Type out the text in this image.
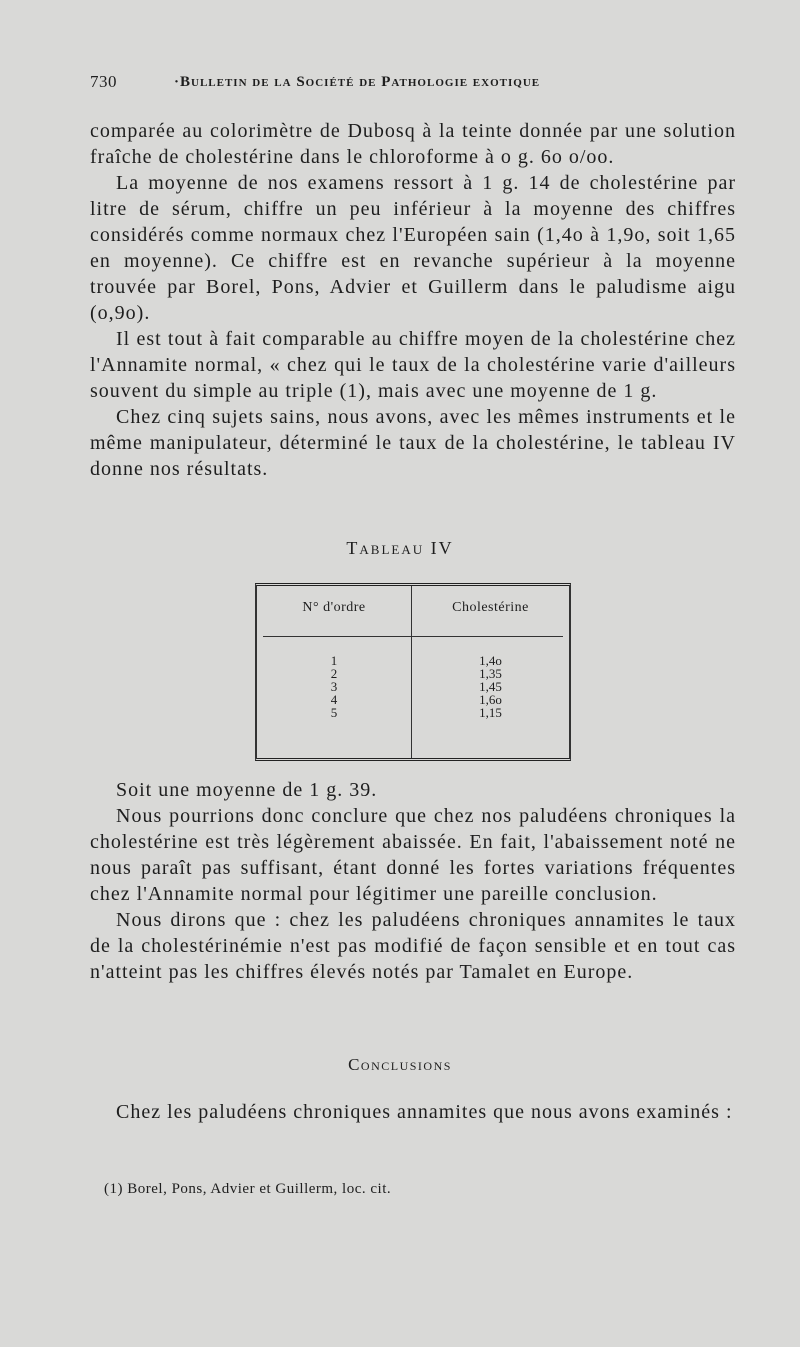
730	·Bulletin de la Société de Pathologie exotique

comparée au colorimètre de Dubosq à la teinte donnée par une solution fraîche de cholestérine dans le chloroforme à o g. 6o o/oo.

La moyenne de nos examens ressort à 1 g. 14 de cholestérine par litre de sérum, chiffre un peu inférieur à la moyenne des chiffres considérés comme normaux chez l'Européen sain (1,4o à 1,9o, soit 1,65 en moyenne). Ce chiffre est en revanche supérieur à la moyenne trouvée par Borel, Pons, Advier et Guillerm dans le paludisme aigu (o,9o).

Il est tout à fait comparable au chiffre moyen de la cholestérine chez l'Annamite normal, « chez qui le taux de la cholestérine varie d'ailleurs souvent du simple au triple (1), mais avec une moyenne de 1 g.

Chez cinq sujets sains, nous avons, avec les mêmes instruments et le même manipulateur, déterminé le taux de la cholestérine, le tableau IV donne nos résultats.

Tableau IV
N° d'ordre	Cholestérine
1
2
3
4
5
1,4o
1,35
1,45
1,6o
1,15

Soit une moyenne de 1 g. 39.

Nous pourrions donc conclure que chez nos paludéens chroniques la cholestérine est très légèrement abaissée. En fait, l'abaissement noté ne nous paraît pas suffisant, étant donné les fortes variations fréquentes chez l'Annamite normal pour légitimer une pareille conclusion.

Nous dirons que : chez les paludéens chroniques annamites le taux de la cholestérinémie n'est pas modifié de façon sensible et en tout cas n'atteint pas les chiffres élevés notés par Tamalet en Europe.

Conclusions

Chez les paludéens chroniques annamites que nous avons examinés :

(1) Borel, Pons, Advier et Guillerm, loc. cit.
